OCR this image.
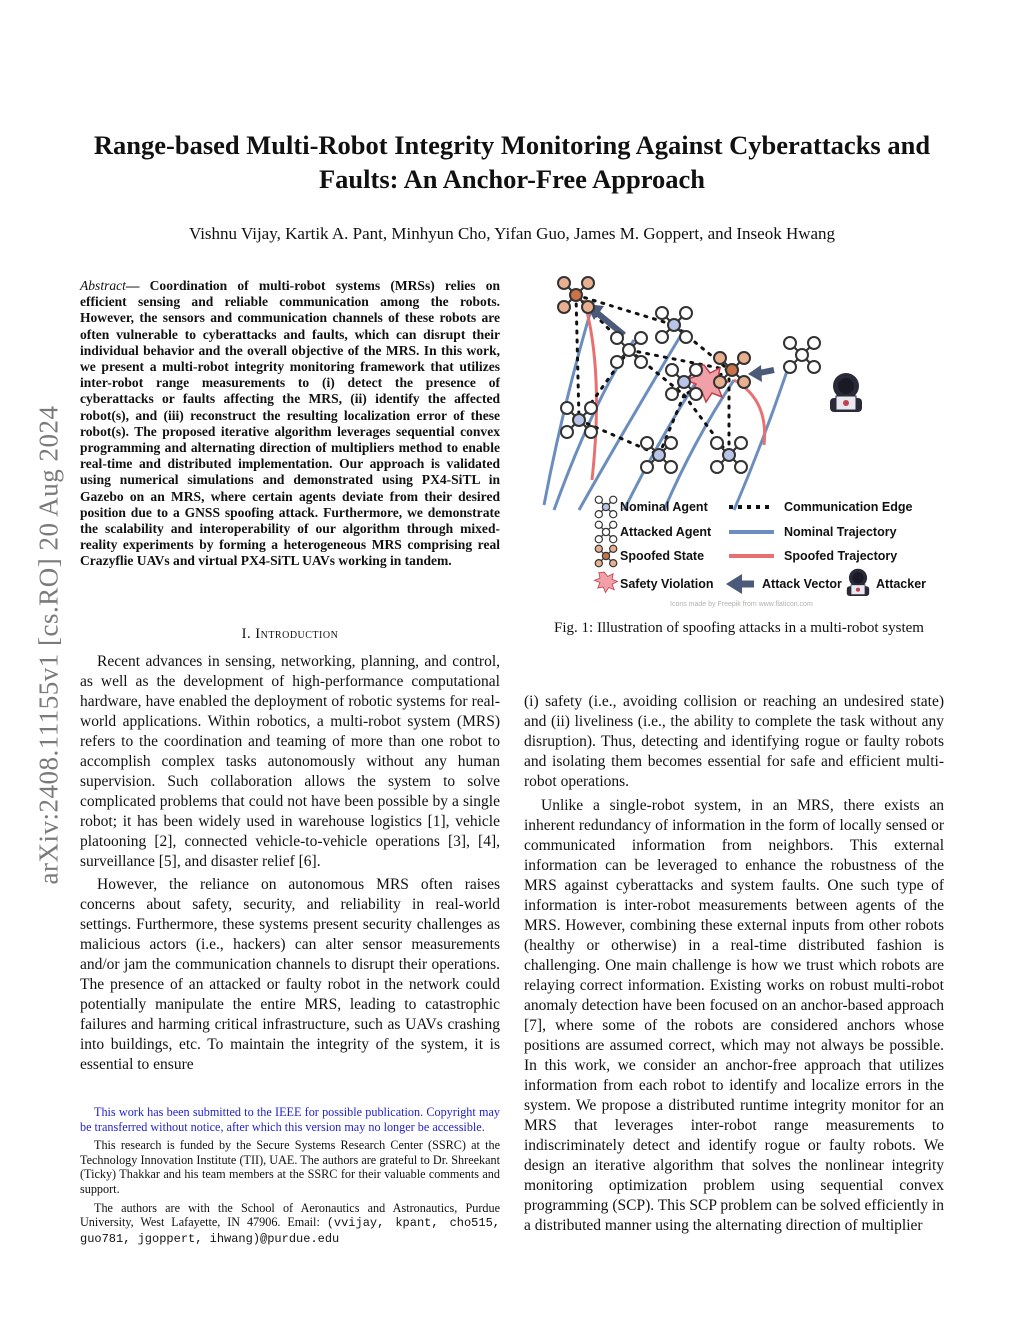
Range-based Multi-Robot Integrity Monitoring Against Cyberattacks and Faults: An Anchor-Free Approach
Vishnu Vijay, Kartik A. Pant, Minhyun Cho, Yifan Guo, James M. Goppert, and Inseok Hwang
arXiv:2408.11155v1 [cs.RO] 20 Aug 2024
Abstract— Coordination of multi-robot systems (MRSs) relies on efficient sensing and reliable communication among the robots. However, the sensors and communication channels of these robots are often vulnerable to cyberattacks and faults, which can disrupt their individual behavior and the overall objective of the MRS. In this work, we present a multi-robot integrity monitoring framework that utilizes inter-robot range measurements to (i) detect the presence of cyberattacks or faults affecting the MRS, (ii) identify the affected robot(s), and (iii) reconstruct the resulting localization error of these robot(s). The proposed iterative algorithm leverages sequential convex programming and alternating direction of multipliers method to enable real-time and distributed implementation. Our approach is validated using numerical simulations and demonstrated using PX4-SiTL in Gazebo on an MRS, where certain agents deviate from their desired position due to a GNSS spoofing attack. Furthermore, we demonstrate the scalability and interoperability of our algorithm through mixed-reality experiments by forming a heterogeneous MRS comprising real Crazyflie UAVs and virtual PX4-SiTL UAVs working in tandem.
I. Introduction

Recent advances in sensing, networking, planning, and control, as well as the development of high-performance computational hardware, have enabled the deployment of robotic systems for real-world applications. Within robotics, a multi-robot system (MRS) refers to the coordination and teaming of more than one robot to accomplish complex tasks autonomously without any human supervision. Such collaboration allows the system to solve complicated problems that could not have been possible by a single robot; it has been widely used in warehouse logistics [1], vehicle platooning [2], connected vehicle-to-vehicle operations [3], [4], surveillance [5], and disaster relief [6].

However, the reliance on autonomous MRS often raises concerns about safety, security, and reliability in real-world settings. Furthermore, these systems present security challenges as malicious actors (i.e., hackers) can alter sensor measurements and/or jam the communication channels to disrupt their operations. The presence of an attacked or faulty robot in the network could potentially manipulate the entire MRS, leading to catastrophic failures and harming critical infrastructure, such as UAVs crashing into buildings, etc. To maintain the integrity of the system, it is essential to ensure

This work has been submitted to the IEEE for possible publication. Copyright may be transferred without notice, after which this version may no longer be accessible.

This research is funded by the Secure Systems Research Center (SSRC) at the Technology Innovation Institute (TII), UAE. The authors are grateful to Dr. Shreekant (Ticky) Thakkar and his team members at the SSRC for their valuable comments and support.

The authors are with the School of Aeronautics and Astronautics, Purdue University, West Lafayette, IN 47906. Email: (vvijay, kpant, cho515, guo781, jgoppert, ihwang)@purdue.edu

Nominal Agent
Attacked Agent
Spoofed State
Safety Violation
Communication Edge
Nominal Trajectory
Spoofed Trajectory
Attack Vector	Attacker
Icons made by Freepik from www.flaticon.com
Fig. 1: Illustration of spoofing attacks in a multi-robot system

(i) safety (i.e., avoiding collision or reaching an undesired state) and (ii) liveliness (i.e., the ability to complete the task without any disruption). Thus, detecting and identifying rogue or faulty robots and isolating them becomes essential for safe and efficient multi-robot operations.

Unlike a single-robot system, in an MRS, there exists an inherent redundancy of information in the form of locally sensed or communicated information from neighbors. This external information can be leveraged to enhance the robustness of the MRS against cyberattacks and system faults. One such type of information is inter-robot measurements between agents of the MRS. However, combining these external inputs from other robots (healthy or otherwise) in a real-time distributed fashion is challenging. One main challenge is how we trust which robots are relaying correct information. Existing works on robust multi-robot anomaly detection have been focused on an anchor-based approach [7], where some of the robots are considered anchors whose positions are assumed correct, which may not always be possible. In this work, we consider an anchor-free approach that utilizes information from each robot to identify and localize errors in the system. We propose a distributed runtime integrity monitor for an MRS that leverages inter-robot range measurements to indiscriminately detect and identify rogue or faulty robots. We design an iterative algorithm that solves the nonlinear integrity monitoring optimization problem using sequential convex programming (SCP). This SCP problem can be solved efficiently in a distributed manner using the alternating direction of multiplier
